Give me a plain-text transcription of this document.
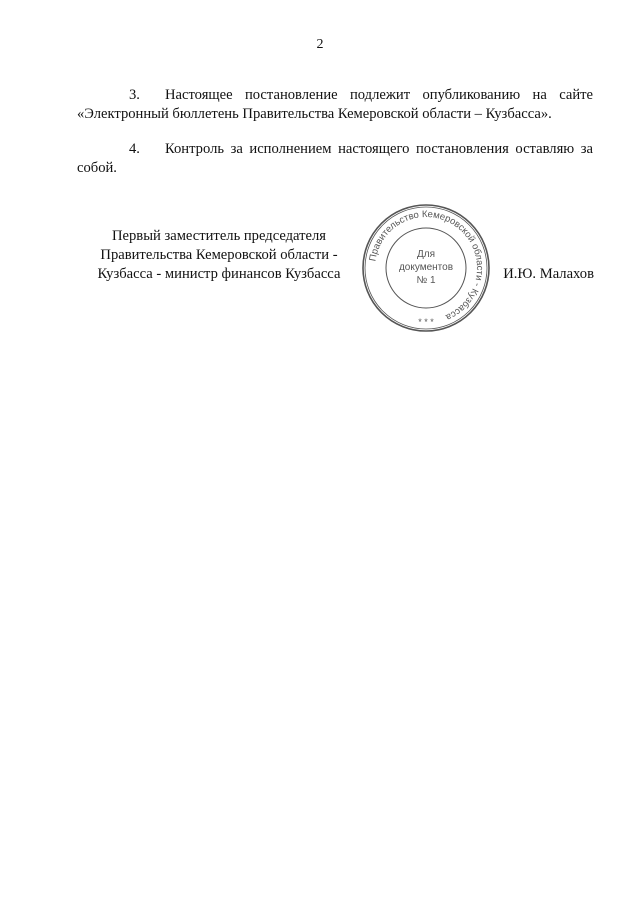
2

3. Настоящее постановление подлежит опубликованию на сайте «Электронный бюллетень Правительства Кемеровской области – Кузбасса».

4. Контроль за исполнением настоящего постановления оставляю за собой.

Первый заместитель председателя
Правительства Кемеровской области -
Кузбасса - министр финансов Кузбасса
Правительство Кемеровской области - Кузбасса
* * *
Для
документов
№ 1	И.Ю. Малахов
